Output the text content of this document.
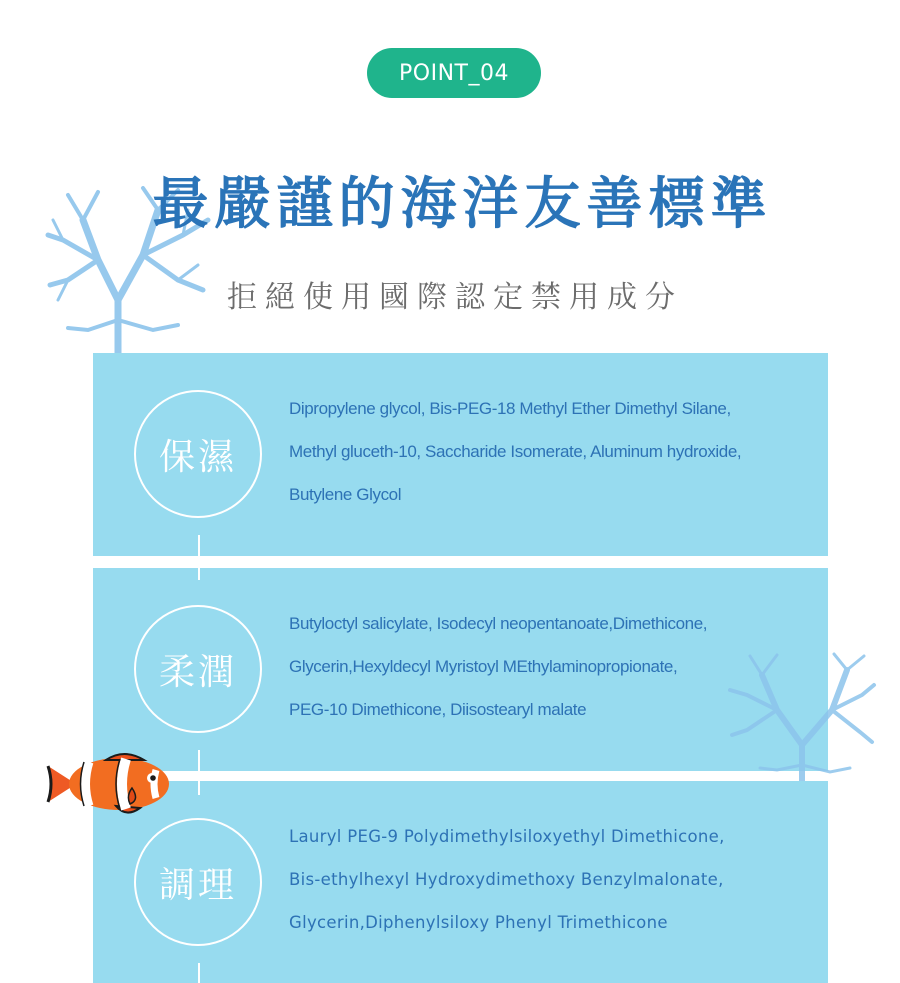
POINT_04
最嚴謹的海洋友善標準
拒絕使用國際認定禁用成分
保濕
Dipropylene glycol, Bis-PEG-18 Methyl Ether Dimethyl Silane,
Methyl gluceth-10, Saccharide Isomerate, Aluminum hydroxide,
Butylene Glycol
柔潤
Butyloctyl salicylate, Isodecyl neopentanoate,Dimethicone,
Glycerin,Hexyldecyl Myristoyl MEthylaminopropionate,
PEG-10 Dimethicone, Diisostearyl malate
調理
Lauryl PEG-9 Polydimethylsiloxyethyl Dimethicone,
Bis-ethylhexyl Hydroxydimethoxy Benzylmalonate,
Glycerin,Diphenylsiloxy Phenyl Trimethicone
